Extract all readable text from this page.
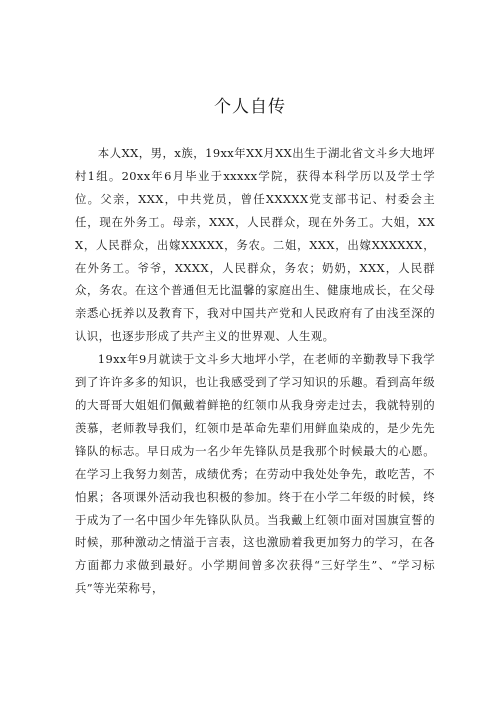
个人自传

本人XX，男，x族，19xx年XX月XX出生于湖北省文斗乡大地坪村1组。20xx年6月毕业于xxxxx学院，获得本科学历以及学士学位。父亲，XXX，中共党员，曾任XXXXX党支部书记、村委会主任，现在外务工。母亲，XXX，人民群众，现在外务工。大姐，XXX，人民群众，出嫁XXXXX，务农。二姐，XXX，出嫁XXXXXX，在外务工。爷爷，XXXX，人民群众，务农；奶奶，XXX，人民群众，务农。在这个普通但无比温馨的家庭出生、健康地成长，在父母亲悉心抚养以及教育下，我对中国共产党和人民政府有了由浅至深的认识，也逐步形成了共产主义的世界观、人生观。

19xx年9月就读于文斗乡大地坪小学，在老师的辛勤教导下我学到了许许多多的知识，也让我感受到了学习知识的乐趣。看到高年级的大哥哥大姐姐们佩戴着鲜艳的红领巾从我身旁走过去，我就特别的羡慕，老师教导我们，红领巾是革命先辈们用鲜血染成的，是少先先锋队的标志。早日成为一名少年先锋队员是我那个时候最大的心愿。在学习上我努力刻苦，成绩优秀；在劳动中我处处争先，敢吃苦，不怕累；各项课外活动我也积极的参加。终于在小学二年级的时候，终于成为了一名中国少年先锋队队员。当我戴上红领巾面对国旗宣誓的时候，那种激动之情溢于言表，这也激励着我更加努力的学习，在各方面都力求做到最好。小学期间曾多次获得“三好学生”、“学习标兵”等光荣称号，
